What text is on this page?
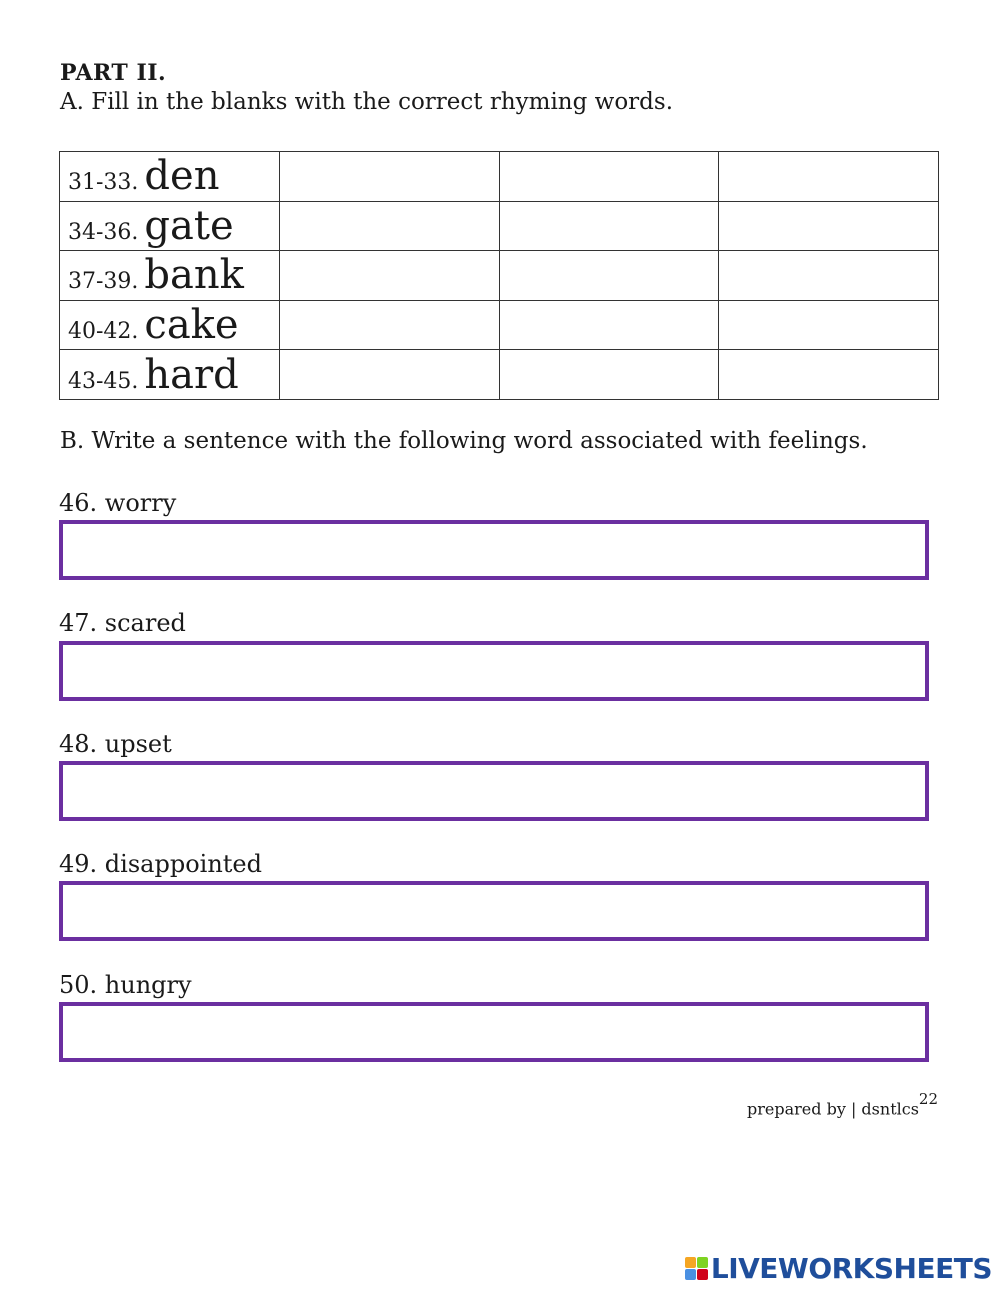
PART II.
A. Fill in the blanks with the correct rhyming words.
31-33. den			
34-36. gate			
37-39. bank			
40-42. cake			
43-45. hard			
B. Write a sentence with the following word associated with feelings.
46. worry
47. scared
48. upset
49. disappointed
50. hungry
prepared by | dsntlcs$^{22}$
LIVEWORKSHEETS
